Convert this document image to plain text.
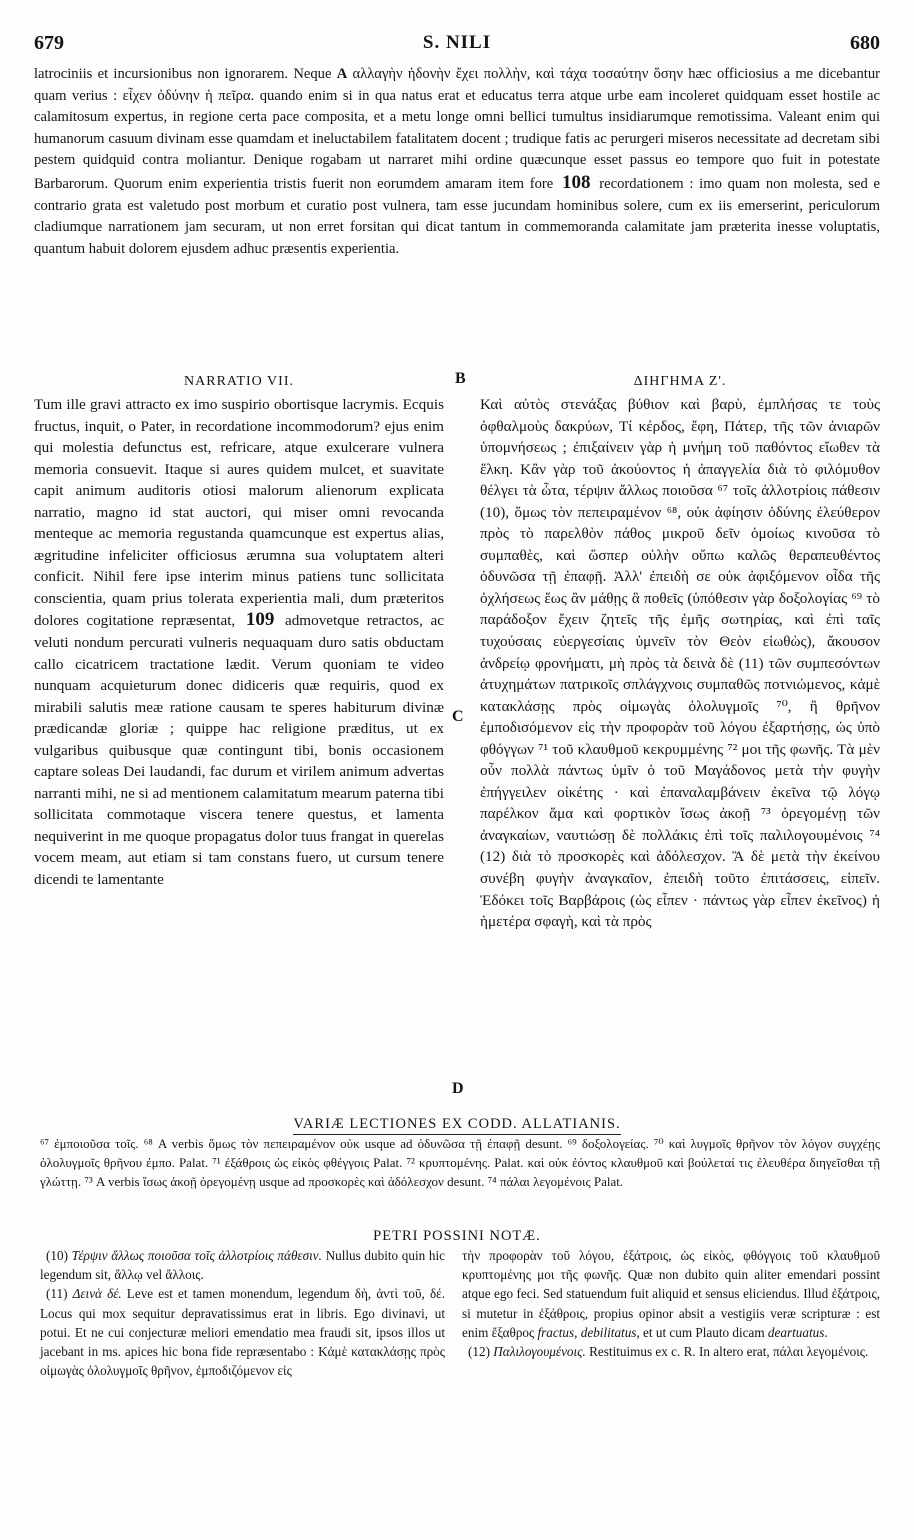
679	S. NILI	680

latrociniis et incursionibus non ignorarem. Neque A αλλαγὴν ἡδονὴν ἔχει πολλὴν, καὶ τάχα τοσαύτην ὅσην hæc officiosius a me dicebantur quam verius : εἶχεν ὀδύνην ἡ πεῖρα. quando enim si in qua natus erat et educatus terra atque urbe eam incoleret quidquam esset hostile ac calamitosum expertus, in regione certa pace composita, et a metu longe omni bellici tumultus insidiarumque remotissima. Valeant enim qui humanorum casuum divinam esse quamdam et ineluctabilem fatalitatem docent ; trudique fatis ac perurgeri miseros necessitate ad decretam sibi pestem quidquid contra moliantur. Denique rogabam ut narraret mihi ordine quæcunque esset passus eo tempore quo fuit in potestate Barbarorum. Quorum enim experientia tristis fuerit non eorumdem amaram item fore 108 recordationem : imo quam non molesta, sed e contrario grata est valetudo post morbum et curatio post vulnera, tam esse jucundam hominibus solere, cum ex iis emerserint, periculorum cladiumque narrationem jam securam, ut non erret forsitan qui dicat tantum in commemoranda calamitate jam præterita inesse voluptatis, quantum habuit dolorem ejusdem adhuc præsentis experientia.

NARRATIO VII.

Tum ille gravi attracto ex imo suspirio obortisque lacrymis. Ecquis fructus, inquit, o Pater, in recordatione incommodorum? ejus enim qui molestia defunctus est, refricare, atque exulcerare vulnera memoria consuevit. Itaque si aures quidem mulcet, et suavitate capit animum auditoris otiosi malorum alienorum explicata narratio, magno id stat auctori, qui miser omni revocanda menteque ac memoria regustanda quamcunque est expertus alias, ægritudine infeliciter officiosus ærumna sua voluptatem alteri conficit. Nihil fere ipse interim minus patiens tunc sollicitata conscientia, quam prius tolerata experientia mali, dum præteritos dolores cogitatione repræsentat, 109 admovetque retractos, ac veluti nondum percurati vulneris nequaquam duro satis obductam callo cicatricem tractatione lædit. Verum quoniam te video nunquam acquieturum donec didiceris quæ requiris, quod ex mirabili salutis meæ ratione causam te speres habiturum divinæ prædicandæ gloriæ ; quippe hac religione præditus, ut ex vulgaribus quibusque quæ contingunt tibi, bonis occasionem captare soleas Dei laudandi, fac durum et virilem animum advertas narranti mihi, ne si ad mentionem calamitatum mearum paterna tibi sollicitata commotaque viscera tenere questus, et lamenta nequiverint in me quoque propagatus dolor tuus frangat in querelas vocem meam, aut etiam si tam constans fuero, ut cursum tenere dicendi te lamentante

B
C
D
ΔΙΗΓΗΜΑ Ζ'.

Καὶ αὐτὸς στενάξας βύθιον καὶ βαρὺ, ἐμπλήσας τε τοὺς ὀφθαλμοὺς δακρύων, Τί κέρδος, ἔφη, Πάτερ, τῆς τῶν ἀνιαρῶν ὑπομνήσεως ; ἐπιξαίνειν γὰρ ἡ μνήμη τοῦ παθόντος εἴωθεν τὰ ἕλκη. Κἂν γὰρ τοῦ ἀκούοντος ἡ ἀπαγγελία διὰ τὸ φιλόμυθον θέλγει τὰ ὦτα, τέρψιν ἄλλως ποιοῦσα ⁶⁷ τοῖς ἀλλοτρίοις πάθεσιν (10), ὅμως τὸν πεπειραμένον ⁶⁸, οὐκ ἀφίησιν ὀδύνης ἐλεύθερον πρὸς τὸ παρελθὸν πάθος μικροῦ δεῖν ὁμοίως κινοῦσα τὸ συμπαθὲς, καὶ ὥσπερ οὐλὴν οὔπω καλῶς θεραπευθέντος ὀδυνῶσα τῇ ἐπαφῇ. Ἀλλ' ἐπειδὴ σε οὐκ ἀφιξόμενον οἶδα τῆς ὀχλήσεως ἕως ἂν μάθῃς ἃ ποθεῖς (ὑπόθεσιν γὰρ δοξολογίας ⁶⁹ τὸ παράδοξον ἔχειν ζητεῖς τῆς ἐμῆς σωτηρίας, καὶ ἐπὶ ταῖς τυχούσαις εὐεργεσίαις ὑμνεῖν τὸν Θεὸν εἰωθὼς), ἄκουσον ἀνδρείῳ φρονήματι, μὴ πρὸς τὰ δεινὰ δὲ (11) τῶν συμπεσόντων ἀτυχημάτων πατρικοῖς σπλάγχνοις συμπαθῶς ποτνιώμενος, κἀμὲ κατακλάσῃς πρὸς οἰμωγὰς ὀλολυγμοῖς ⁷⁰, ἢ θρῆνον ἐμποδισόμενον εἰς τὴν προφορὰν τοῦ λόγου ἐξαρτήσῃς, ὡς ὑπὸ φθόγγων ⁷¹ τοῦ κλαυθμοῦ κεκρυμμένης ⁷² μοι τῆς φωνῆς. Τὰ μὲν οὖν πολλὰ πάντως ὑμῖν ὁ τοῦ Μαγάδονος μετὰ τὴν φυγὴν ἐπήγγειλεν οἰκέτης · καὶ ἐπαναλαμβάνειν ἐκεῖνα τῷ λόγῳ παρέλκον ἅμα καὶ φορτικὸν ἴσως ἀκοῇ ⁷³ ὀρεγομένῃ τῶν ἀναγκαίων, ναυτιώσῃ δὲ πολλάκις ἐπὶ τοῖς παλιλογουμένοις ⁷⁴ (12) διὰ τὸ προσκορὲς καὶ ἀδόλεσχον. Ἃ δὲ μετὰ τὴν ἐκείνου συνέβη φυγὴν ἀναγκαῖον, ἐπειδὴ τοῦτο ἐπιτάσσεις, εἰπεῖν. Ἐδόκει τοῖς Βαρβάροις (ὡς εἶπεν · πάντως γὰρ εἶπεν ἐκεῖνος) ἡ ἡμετέρα σφαγὴ, καὶ τὰ πρὸς

VARIÆ LECTIONES EX CODD. ALLATIANIS.
⁶⁷ ἐμποιοῦσα τοῖς. ⁶⁸ A verbis ὅμως τὸν πεπειραμένον οὐκ usque ad ὀδυνῶσα τῇ ἐπαφῇ desunt. ⁶⁹ δοξολογείας. ⁷⁰ καὶ λυγμοῖς θρῆνον τὸν λόγον συγχέῃς ὀλολυγμοῖς θρῆνου ἐμπο. Palat. ⁷¹ ἐξάθροις ὡς εἰκὸς φθέγγοις Palat. ⁷² κρυπτομένης. Palat. καὶ οὐκ ἐόντος κλαυθμοῦ καὶ βούλεταί τις ἐλευθέρα διηγεῖσθαι τῇ γλώττῃ. ⁷³ A verbis ἴσως ἀκοῇ ὀρεγομένῃ usque ad προσκορὲς καὶ ἀδόλεσχον desunt. ⁷⁴ πάλαι λεγομένοις Palat.
PETRI POSSINI NOTÆ.

(10) Τέρψιν ἄλλως ποιοῦσα τοῖς ἀλλοτρίοις πάθεσιν. Nullus dubito quin hic legendum sit, ἄλλῳ vel ἄλλοις.

(11) Δεινὰ δέ. Leve est et tamen monendum, legendum δὴ, ἀντὶ τοῦ, δέ. Locus qui mox sequitur depravatissimus erat in libris. Ego divinavi, ut potui. Et ne cui conjecturæ meliori emendatio mea fraudi sit, ipsos illos ut jacebant in ms. apices hic bona fide repræsentabo : Κἀμὲ κατακλάσῃς πρὸς οἰμωγὰς ὀλολυγμοῖς θρῆνον, ἐμποδιζόμενον εἰς

τὴν προφορὰν τοῦ λόγου, ἐξάτροις, ὡς εἰκὸς, φθόγγοις τοῦ κλαυθμοῦ κρυπτομένης μοι τῆς φωνῆς. Quæ non dubito quin aliter emendari possint atque ego feci. Sed statuendum fuit aliquid et sensus eliciendus. Illud ἐξάτροις, si mutetur in ἐξάθροις, propius opinor absit a vestigiis veræ scripturæ : est enim ἔξαθρος fractus, debilitatus, et ut cum Plauto dicam deartuatus.

(12) Παλιλογουμένοις. Restituimus ex c. R. In altero erat, πάλαι λεγομένοις.
